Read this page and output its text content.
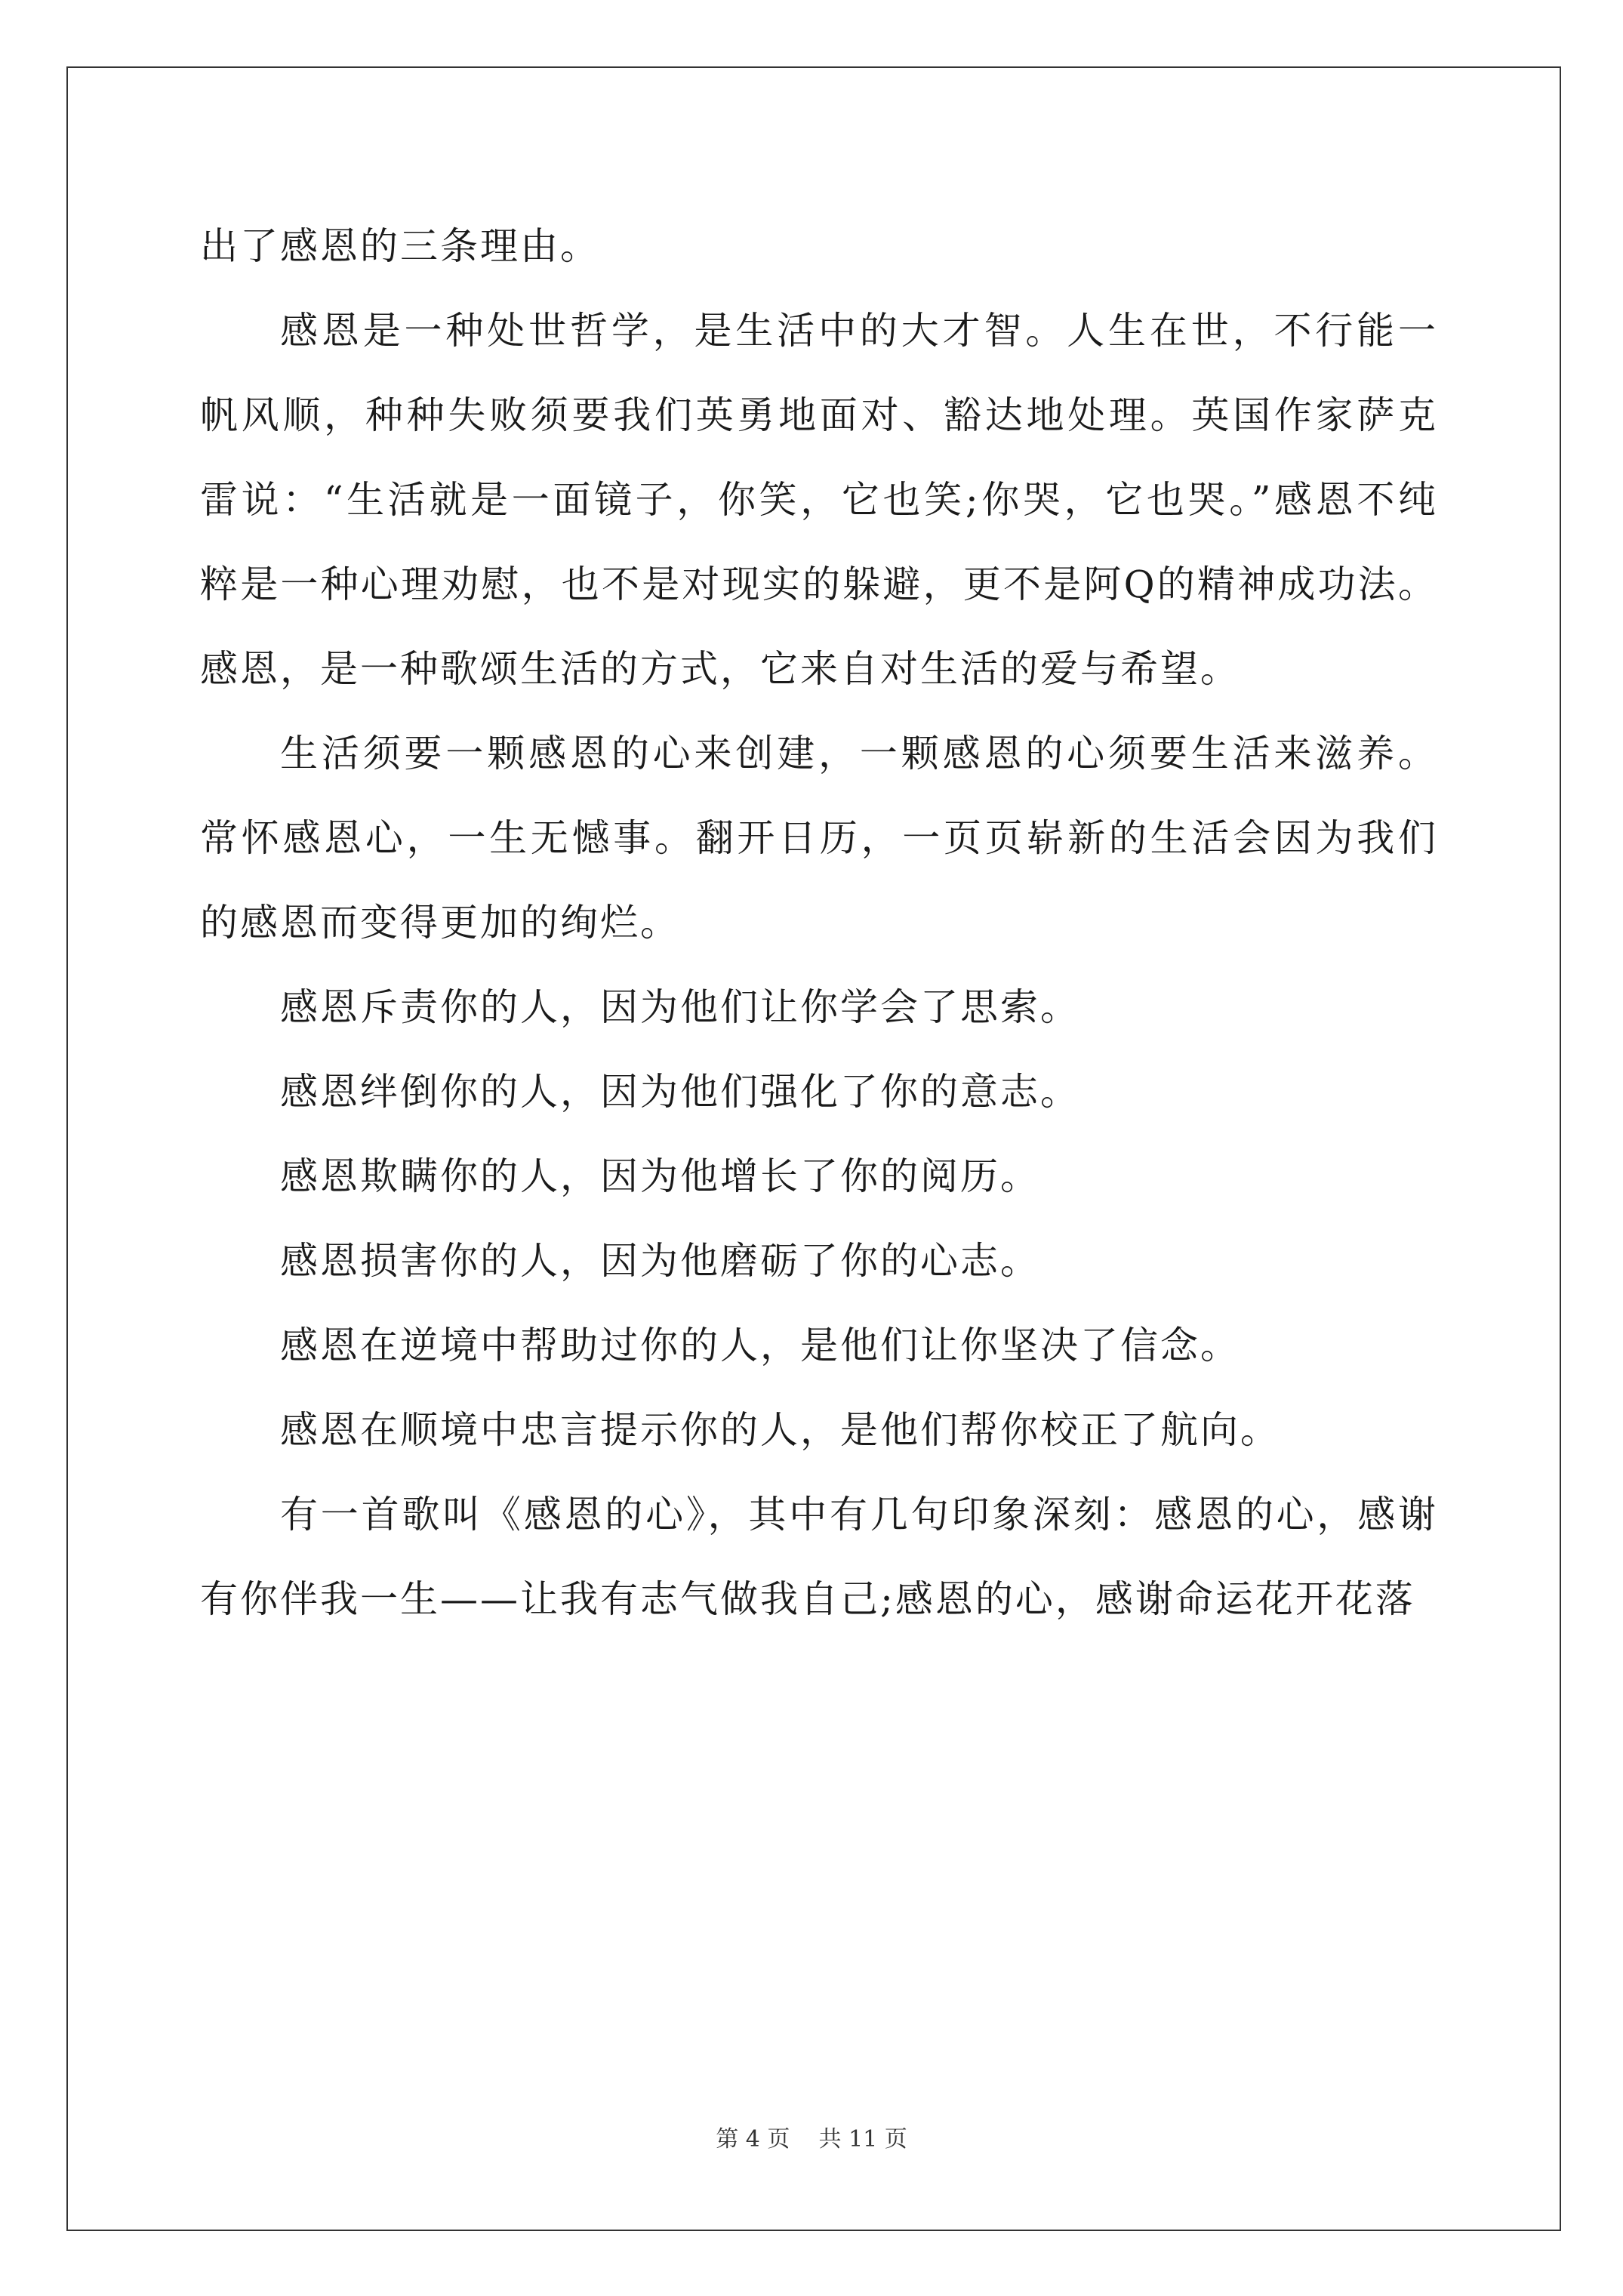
出了感恩的三条理由。

感恩是一种处世哲学，是生活中的大才智。人生在世，不行能一帆风顺，种种失败须要我们英勇地面对、豁达地处理。英国作家萨克雷说：“生活就是一面镜子，你笑，它也笑;你哭，它也哭。”感恩不纯粹是一种心理劝慰，也不是对现实的躲避，更不是阿Q的精神成功法。感恩，是一种歌颂生活的方式，它来自对生活的爱与希望。

生活须要一颗感恩的心来创建，一颗感恩的心须要生活来滋养。常怀感恩心，一生无憾事。翻开日历，一页页崭新的生活会因为我们的感恩而变得更加的绚烂。

感恩斥责你的人，因为他们让你学会了思索。

感恩绊倒你的人，因为他们强化了你的意志。

感恩欺瞒你的人，因为他增长了你的阅历。

感恩损害你的人，因为他磨砺了你的心志。

感恩在逆境中帮助过你的人，是他们让你坚决了信念。

感恩在顺境中忠言提示你的人，是他们帮你校正了航向。

有一首歌叫《感恩的心》，其中有几句印象深刻：感恩的心，感谢有你伴我一生——让我有志气做我自己;感恩的心，感谢命运花开花落

第 4 页 共 11 页
